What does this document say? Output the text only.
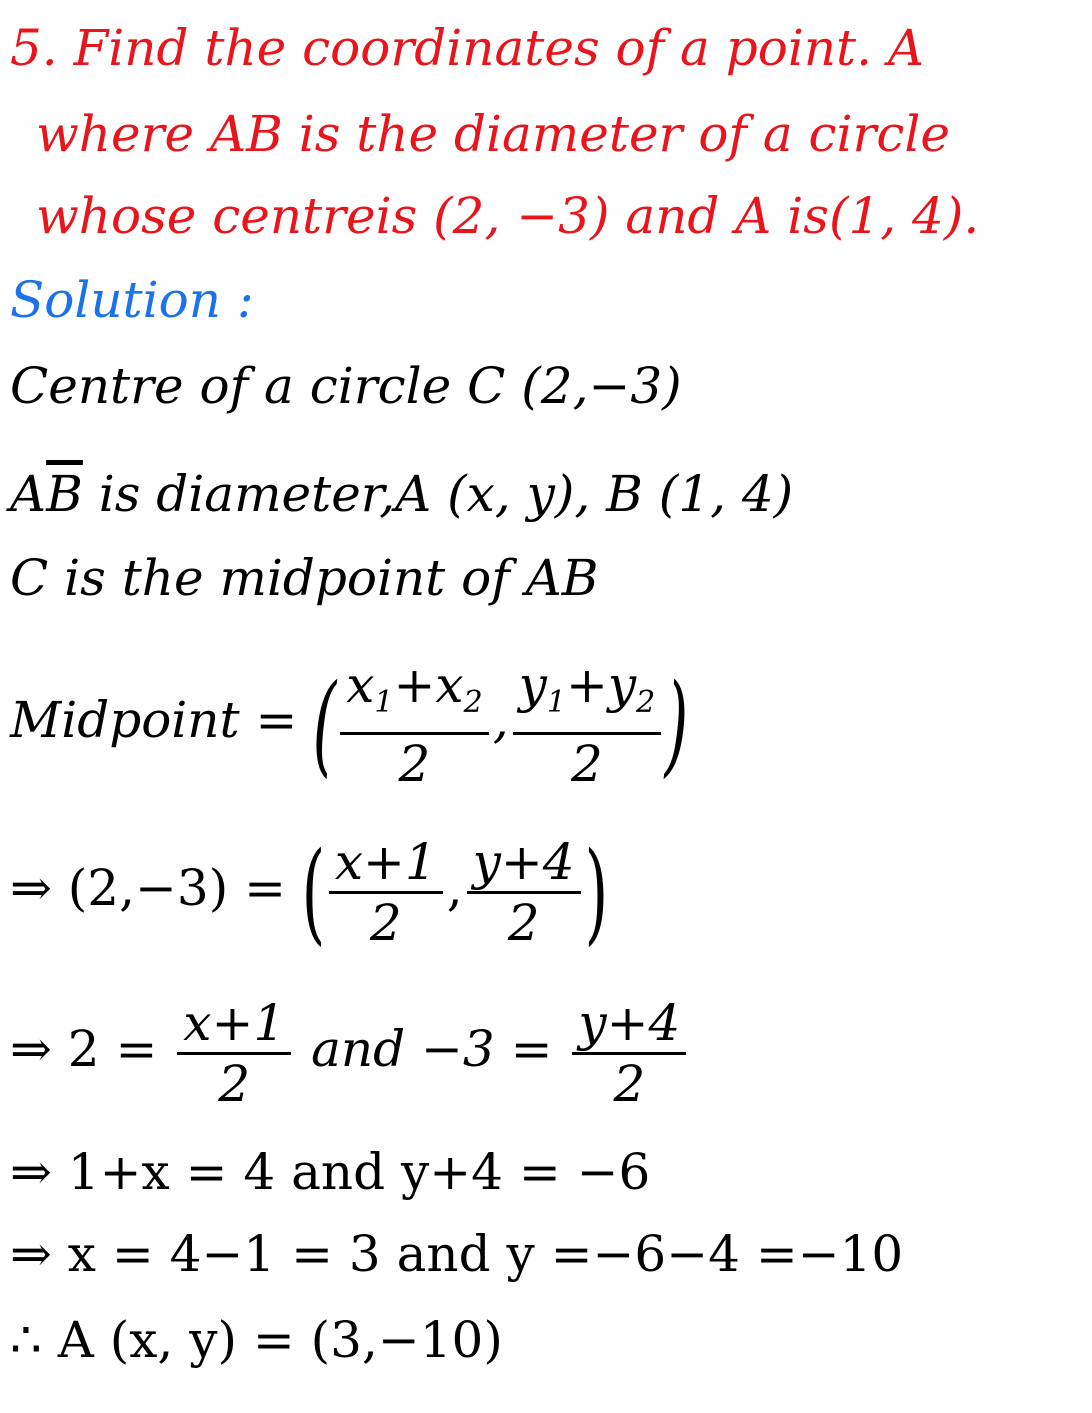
5. Find the coordinates of a point. A
where AB is the diameter of a circle
whose centreis (2, −3) and A is(1, 4).
Solution :
Centre of a circle C (2,−3)
$A\overline{B}$ is diameter,A (x, y), B (1, 4)
C is the midpoint of AB
Midpoint = ( $\frac{x_1+x_2}{2}$ , $\frac{y_1+y_2}{2}$ )
⇒ (2,−3) = ( $\frac{x+1}{2}$ , $\frac{y+4}{2}$ )
⇒ $2 = \frac{x+1}{2}$ and $-3 = \frac{y+4}{2}$
⇒ 1+x = 4 and y+4 = −6
⇒ x = 4−1 = 3 and y =−6−4 =−10
∴ A (x, y) = (3,−10)
